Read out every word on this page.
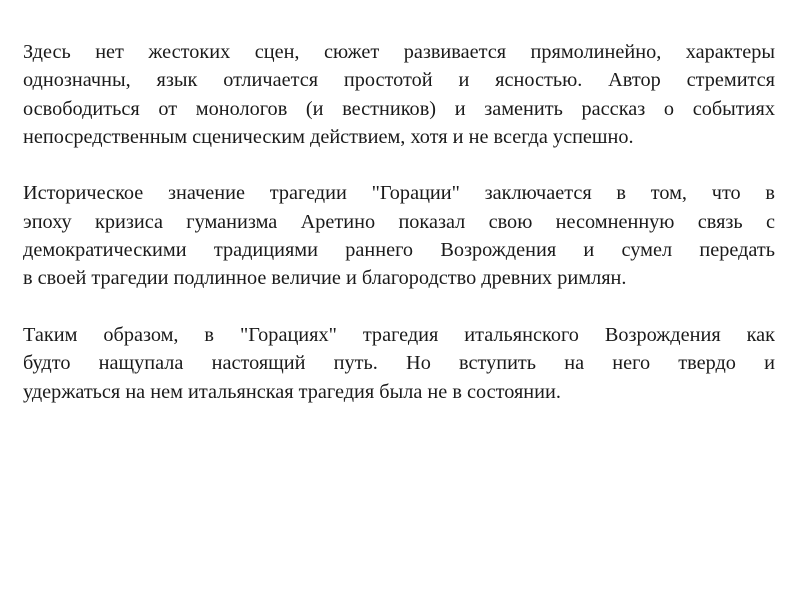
Здесь нет жестоких сцен, сюжет развивается прямолинейно, характеры
однозначны, язык отличается простотой и ясностью. Автор стремится
освободиться от монологов (и вестников) и заменить рассказ о событиях
непосредственным сценическим действием, хотя и не всегда успешно.

Историческое значение трагедии "Горации" заключается в том, что в
эпоху кризиса гуманизма Аретино показал свою несомненную связь с
демократическими традициями раннего Возрождения и сумел передать
в своей трагедии подлинное величие и благородство древних римлян.

Таким образом, в "Горациях" трагедия итальянского Возрождения как
будто нащупала настоящий путь. Но вступить на него твердо и
удержаться на нем итальянская трагедия была не в состоянии.
